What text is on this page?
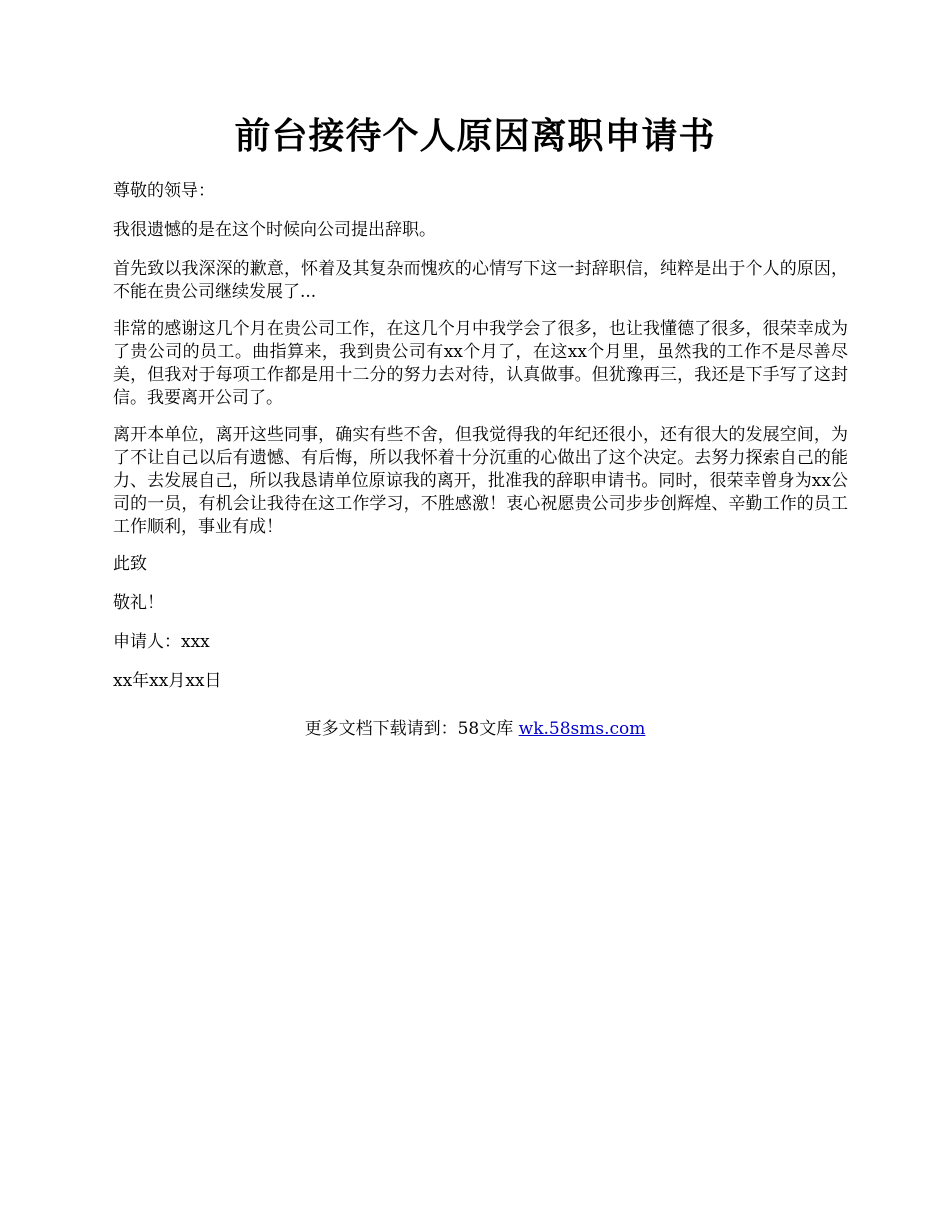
前台接待个人原因离职申请书

尊敬的领导：

我很遗憾的是在这个时候向公司提出辞职。

首先致以我深深的歉意，怀着及其复杂而愧疚的心情写下这一封辞职信，纯粹是出于个人的原因，不能在贵公司继续发展了...

非常的感谢这几个月在贵公司工作，在这几个月中我学会了很多，也让我懂德了很多，很荣幸成为了贵公司的员工。曲指算来，我到贵公司有xx个月了，在这xx个月里，虽然我的工作不是尽善尽美，但我对于每项工作都是用十二分的努力去对待，认真做事。但犹豫再三，我还是下手写了这封信。我要离开公司了。

离开本单位，离开这些同事，确实有些不舍，但我觉得我的年纪还很小，还有很大的发展空间，为了不让自己以后有遗憾、有后悔，所以我怀着十分沉重的心做出了这个决定。去努力探索自己的能力、去发展自己，所以我恳请单位原谅我的离开，批准我的辞职申请书。同时，很荣幸曾身为xx公司的一员，有机会让我待在这工作学习，不胜感激！衷心祝愿贵公司步步创辉煌、辛勤工作的员工工作顺利，事业有成！

此致

敬礼！

申请人：xxx

xx年xx月xx日

更多文档下载请到：58文库 wk.58sms.com
